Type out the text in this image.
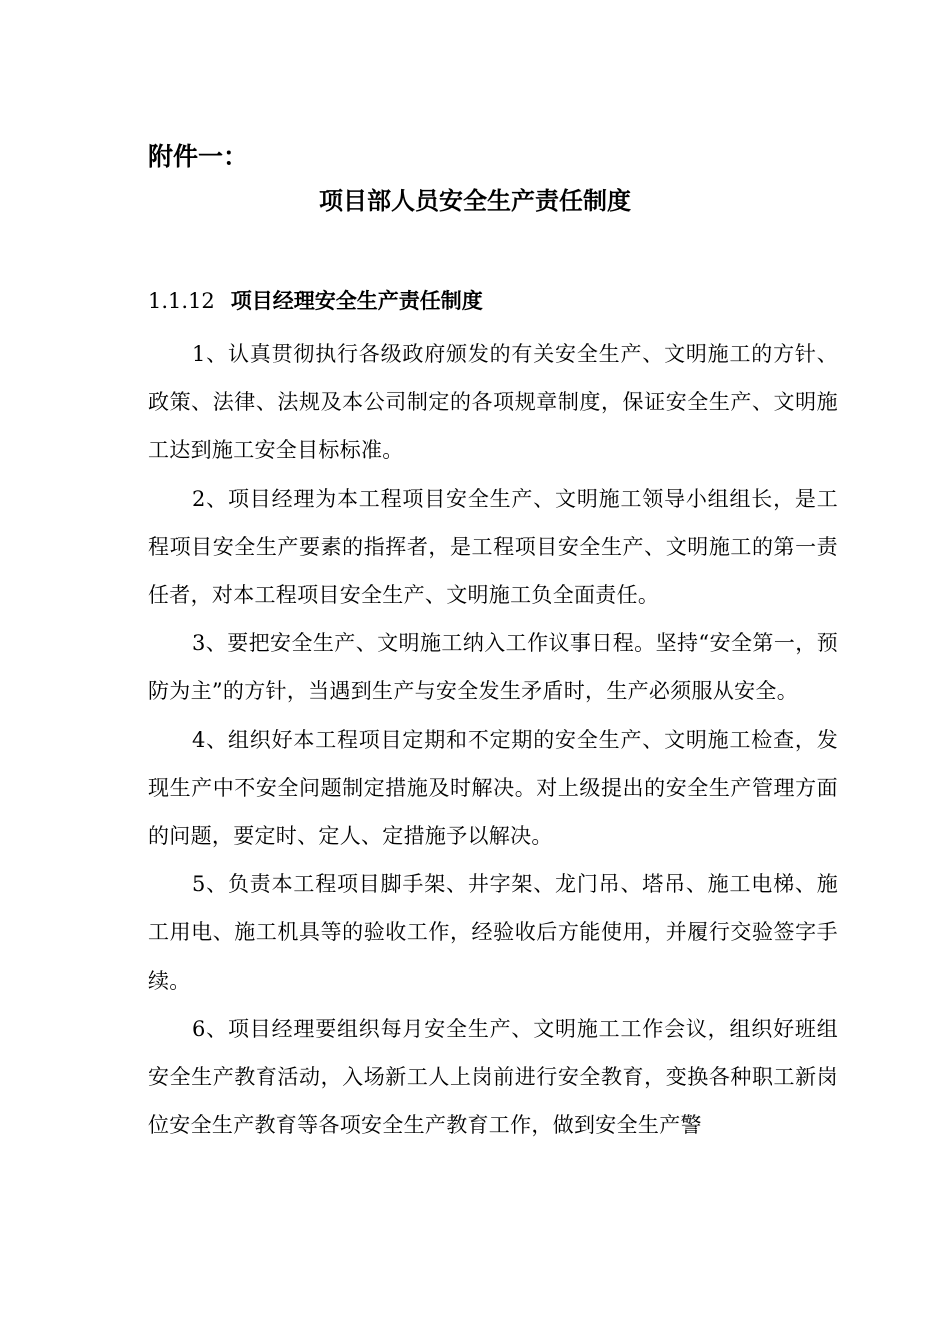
附件一：
项目部人员安全生产责任制度
1.1.12 项目经理安全生产责任制度

1、认真贯彻执行各级政府颁发的有关安全生产、文明施工的方针、政策、法律、法规及本公司制定的各项规章制度，保证安全生产、文明施工达到施工安全目标标准。

2、项目经理为本工程项目安全生产、文明施工领导小组组长，是工程项目安全生产要素的指挥者，是工程项目安全生产、文明施工的第一责任者，对本工程项目安全生产、文明施工负全面责任。

3、要把安全生产、文明施工纳入工作议事日程。坚持“安全第一，预防为主”的方针，当遇到生产与安全发生矛盾时，生产必须服从安全。

4、组织好本工程项目定期和不定期的安全生产、文明施工检查，发现生产中不安全问题制定措施及时解决。对上级提出的安全生产管理方面的问题，要定时、定人、定措施予以解决。

5、负责本工程项目脚手架、井字架、龙门吊、塔吊、施工电梯、施工用电、施工机具等的验收工作，经验收后方能使用，并履行交验签字手续。

6、项目经理要组织每月安全生产、文明施工工作会议，组织好班组安全生产教育活动，入场新工人上岗前进行安全教育，变换各种职工新岗位安全生产教育等各项安全生产教育工作，做到安全生产警
